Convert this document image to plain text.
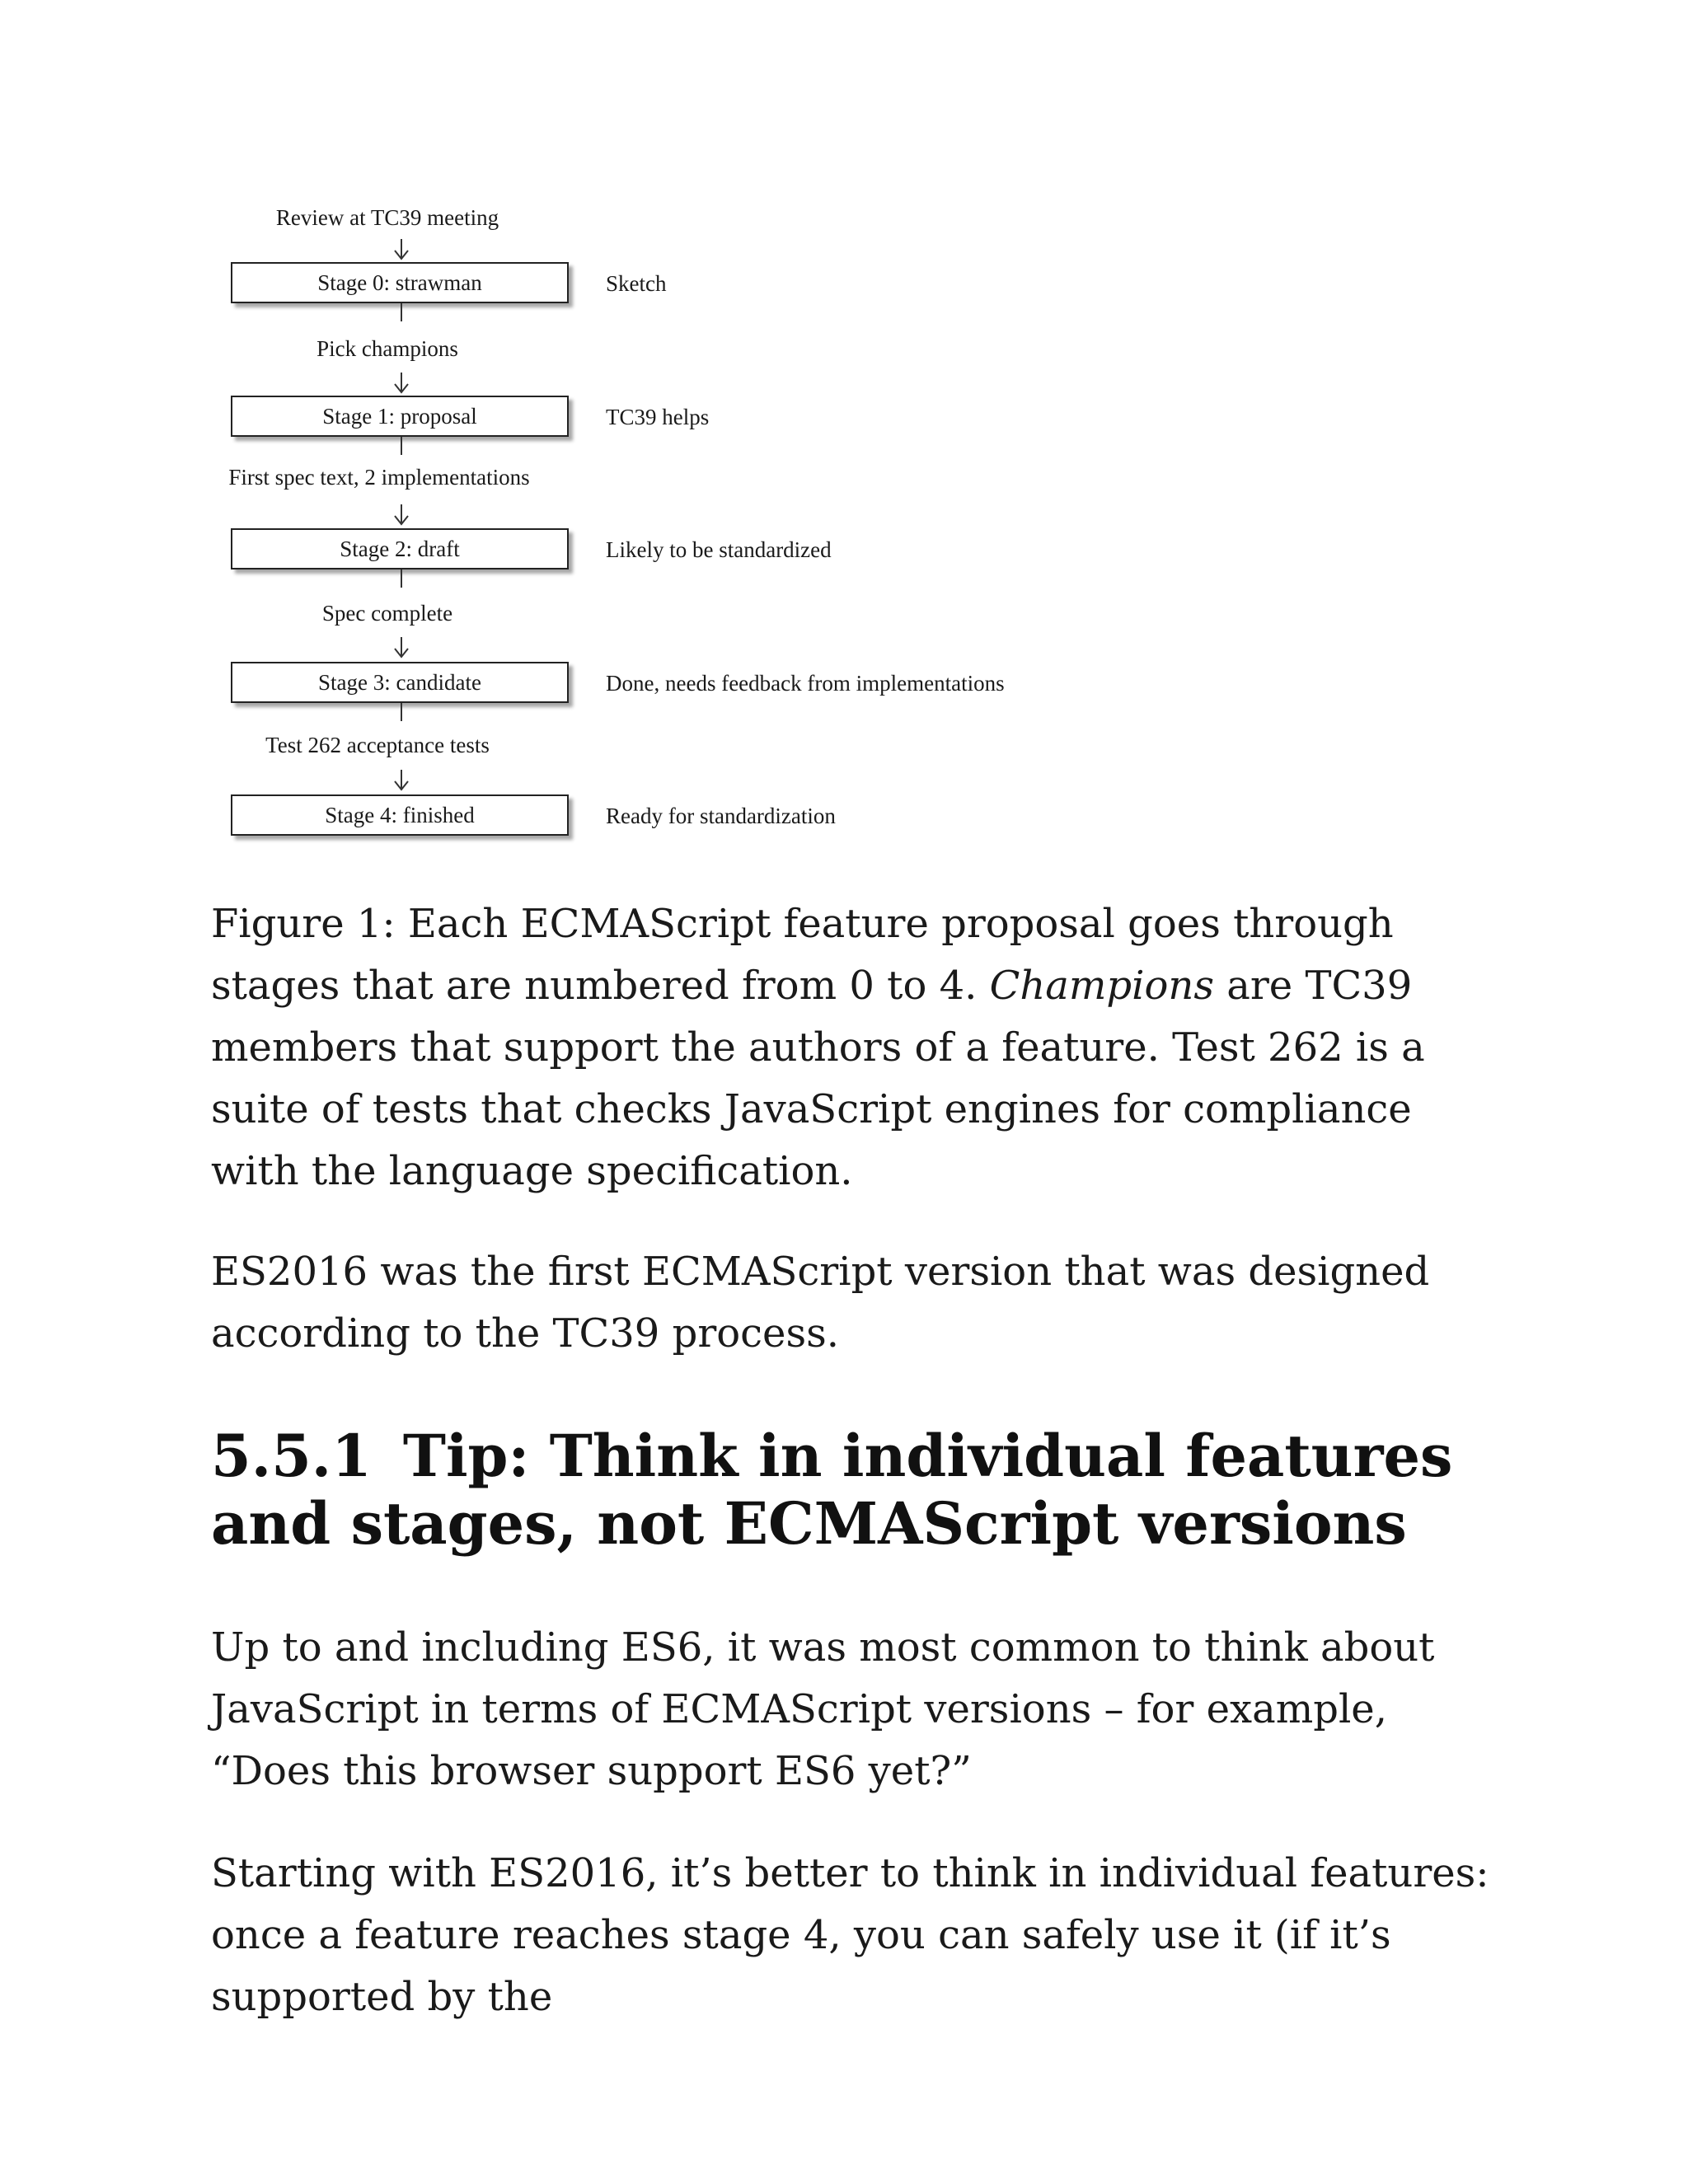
Review at TC39 meeting
Stage 0: strawman	Sketch
Pick champions
Stage 1: proposal	TC39 helps
First spec text, 2 implementations
Stage 2: draft	Likely to be standardized
Spec complete
Stage 3: candidate	Done, needs feedback from implementations
Test 262 acceptance tests
Stage 4: finished	Ready for standardization

Figure 1: Each ECMAScript feature proposal goes through stages that are numbered from 0 to 4. Champions are TC39 members that support the authors of a feature. Test 262 is a suite of tests that checks JavaScript engines for compliance with the language specification.

ES2016 was the first ECMAScript version that was designed according to the TC39 process.

5.5.1 Tip: Think in individual features and stages, not ECMAScript versions

Up to and including ES6, it was most common to think about JavaScript in terms of ECMAScript versions – for example, “Does this browser support ES6 yet?”

Starting with ES2016, it’s better to think in individual features: once a feature reaches stage 4, you can safely use it (if it’s supported by the
